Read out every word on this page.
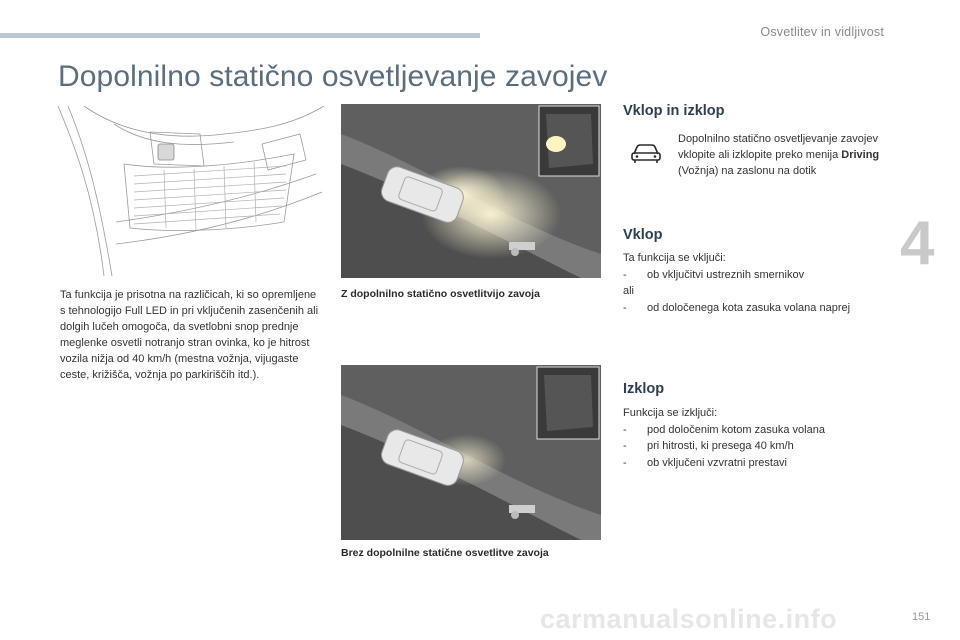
Osvetlitev in vidljivost
4
151
Dopolnilno statično osvetljevanje zavojev

Ta funkcija je prisotna na različicah, ki so opremljene s tehnologijo Full LED in pri vključenih zasenčenih ali dolgih lučeh omogoča, da svetlobni snop prednje meglenke osvetli notranjo stran ovinka, ko je hitrost vozila nižja od 40 km/h (mestna vožnja, vijugaste ceste, križišča, vožnja po parkiriščih itd.).

Z dopolnilno statično osvetlitvijo zavoja
Brez dopolnilne statične osvetlitve zavoja
Vklop in izklop

Dopolnilno statično osvetljevanje zavojev vklopite ali izklopite preko menija Driving (Vožnja) na zaslonu na dotik

Vklop
Ta funkcija se vključi:
-	ob vključitvi ustreznih smernikov
ali
-	od določenega kota zasuka volana naprej
Izklop
Funkcija se izključi:
-	pod določenim kotom zasuka volana
-	pri hitrosti, ki presega 40 km/h
-	ob vključeni vzvratni prestavi
carmanualsonline.info
